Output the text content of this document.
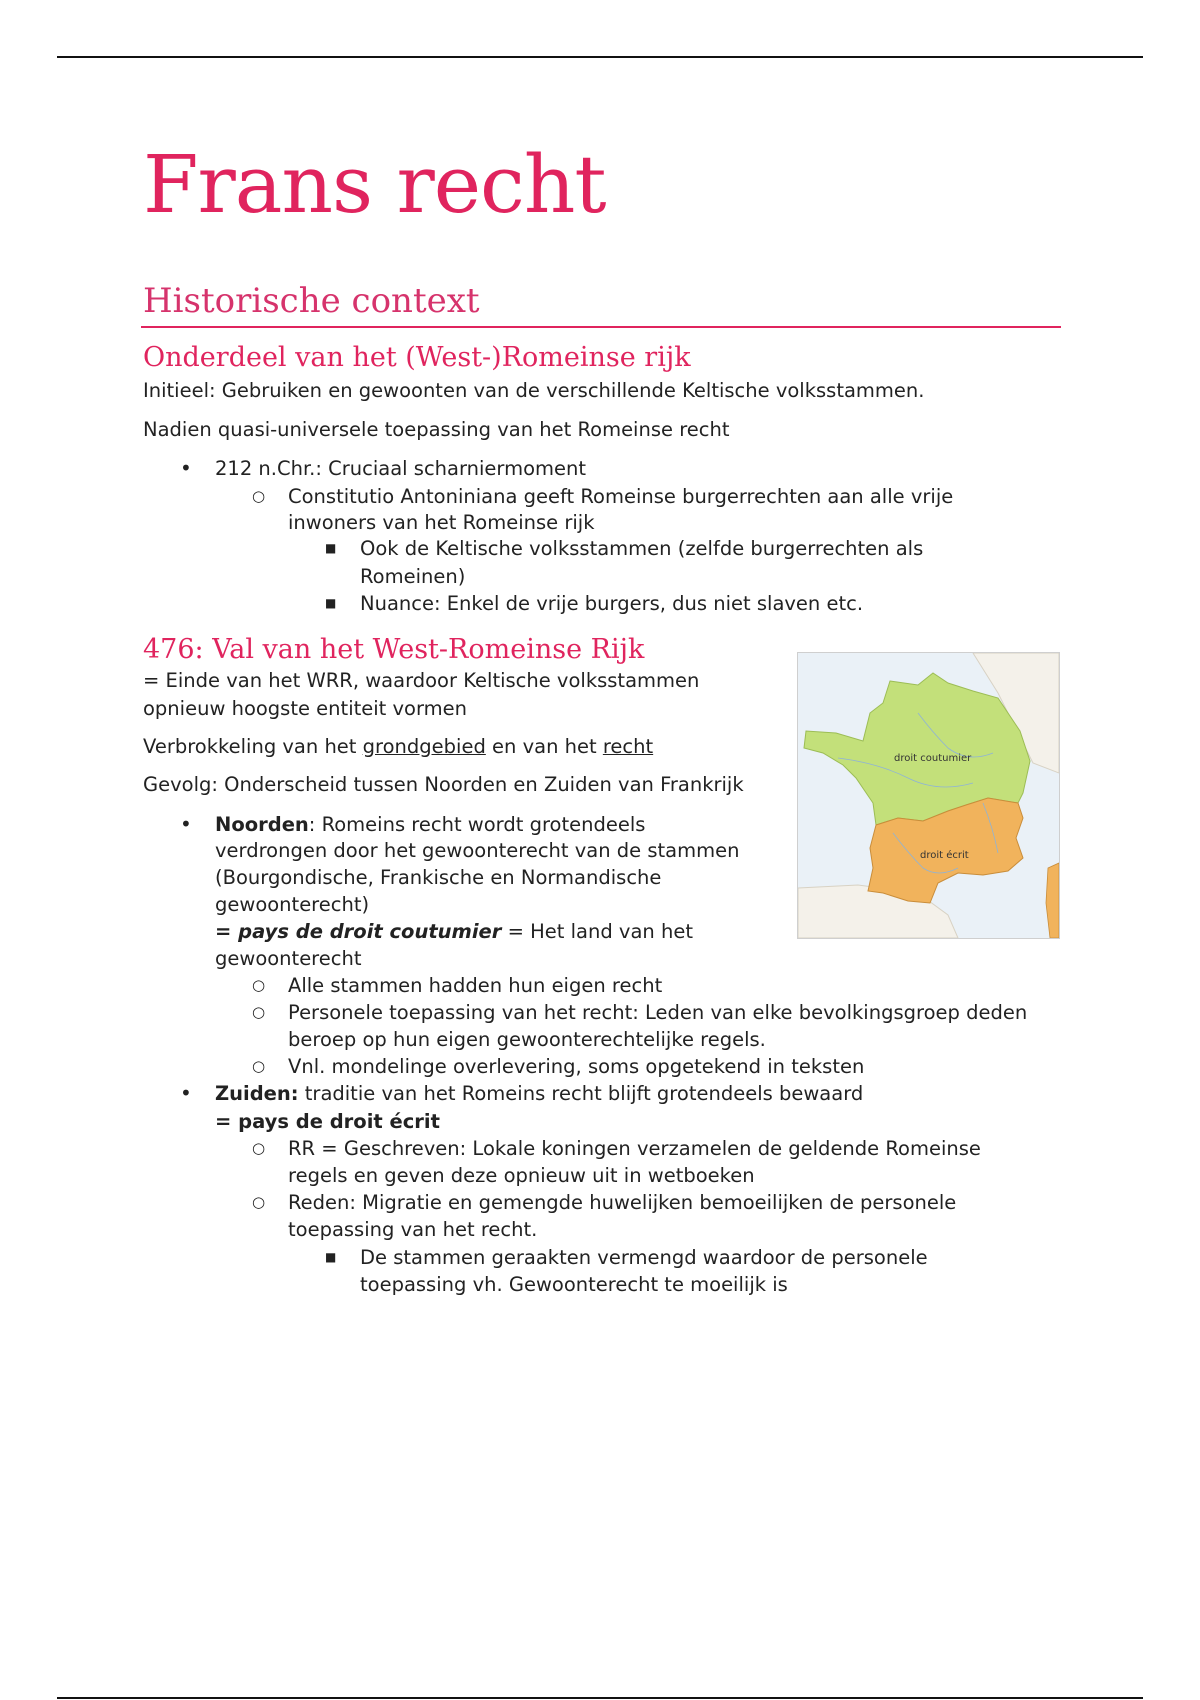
Frans recht
Historische context
Onderdeel van het (West-)Romeinse rijk

Initieel: Gebruiken en gewoonten van de verschillende Keltische volksstammen.

Nadien quasi-universele toepassing van het Romeinse recht

• 212 n.Chr.: Cruciaal scharniermoment

○ Constitutio Antoniniana geeft Romeinse burgerrechten aan alle vrije

inwoners van het Romeinse rijk

■ Ook de Keltische volksstammen (zelfde burgerrechten als

Romeinen)

■ Nuance: Enkel de vrije burgers, dus niet slaven etc.

476: Val van het West-Romeinse Rijk

= Einde van het WRR, waardoor Keltische volksstammen

opnieuw hoogste entiteit vormen

Verbrokkeling van het grondgebied en van het recht

Gevolg: Onderscheid tussen Noorden en Zuiden van Frankrijk

• Noorden: Romeins recht wordt grotendeels

verdrongen door het gewoonterecht van de stammen

(Bourgondische, Frankische en Normandische

gewoonterecht)

= pays de droit coutumier = Het land van het

gewoonterecht

○ Alle stammen hadden hun eigen recht

○ Personele toepassing van het recht: Leden van elke bevolkingsgroep deden

beroep op hun eigen gewoonterechtelijke regels.

○ Vnl. mondelinge overlevering, soms opgetekend in teksten

• Zuiden: traditie van het Romeins recht blijft grotendeels bewaard

= pays de droit écrit

○ RR = Geschreven: Lokale koningen verzamelen de geldende Romeinse

regels en geven deze opnieuw uit in wetboeken

○ Reden: Migratie en gemengde huwelijken bemoeilijken de personele

toepassing van het recht.

■ De stammen geraakten vermengd waardoor de personele

toepassing vh. Gewoonterecht te moeilijk is

droit coutumier
droit écrit
